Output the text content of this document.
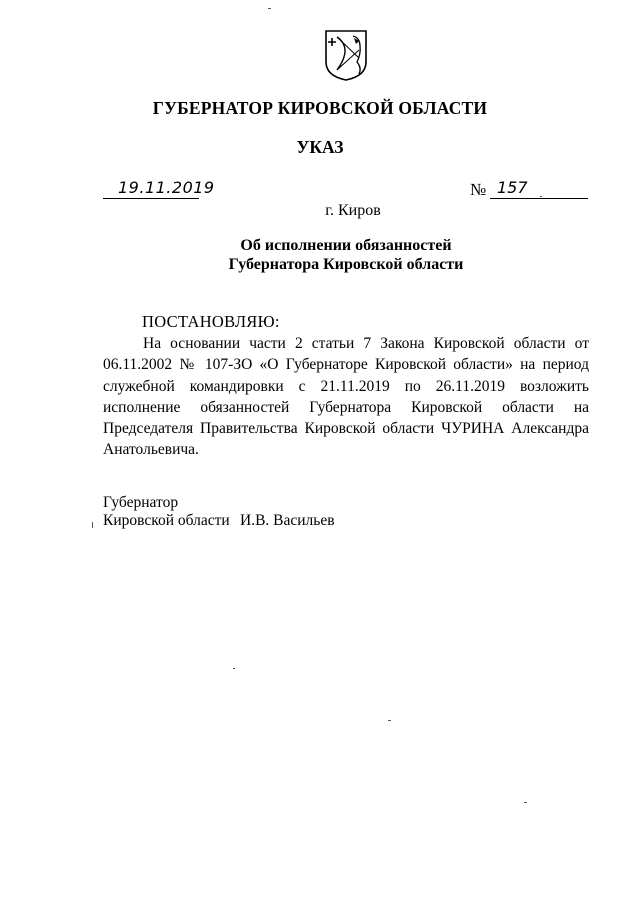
ГУБЕРНАТОР КИРОВСКОЙ ОБЛАСТИ
УКАЗ
19.11.2019	№ 157
г. Киров
Об исполнении обязанностей
Губернатора Кировской области
ПОСТАНОВЛЯЮ:
На основании части 2 статьи 7 Закона Кировской области от 06.11.2002 № 107-ЗО «О Губернаторе Кировской области» на период служебной командировки с 21.11.2019 по 26.11.2019 возложить исполнение обязанностей Губернатора Кировской области на Председателя Правительства Кировской области ЧУРИНА Александра Анатольевича.
Губернатор
Кировской области И.В. Васильев
